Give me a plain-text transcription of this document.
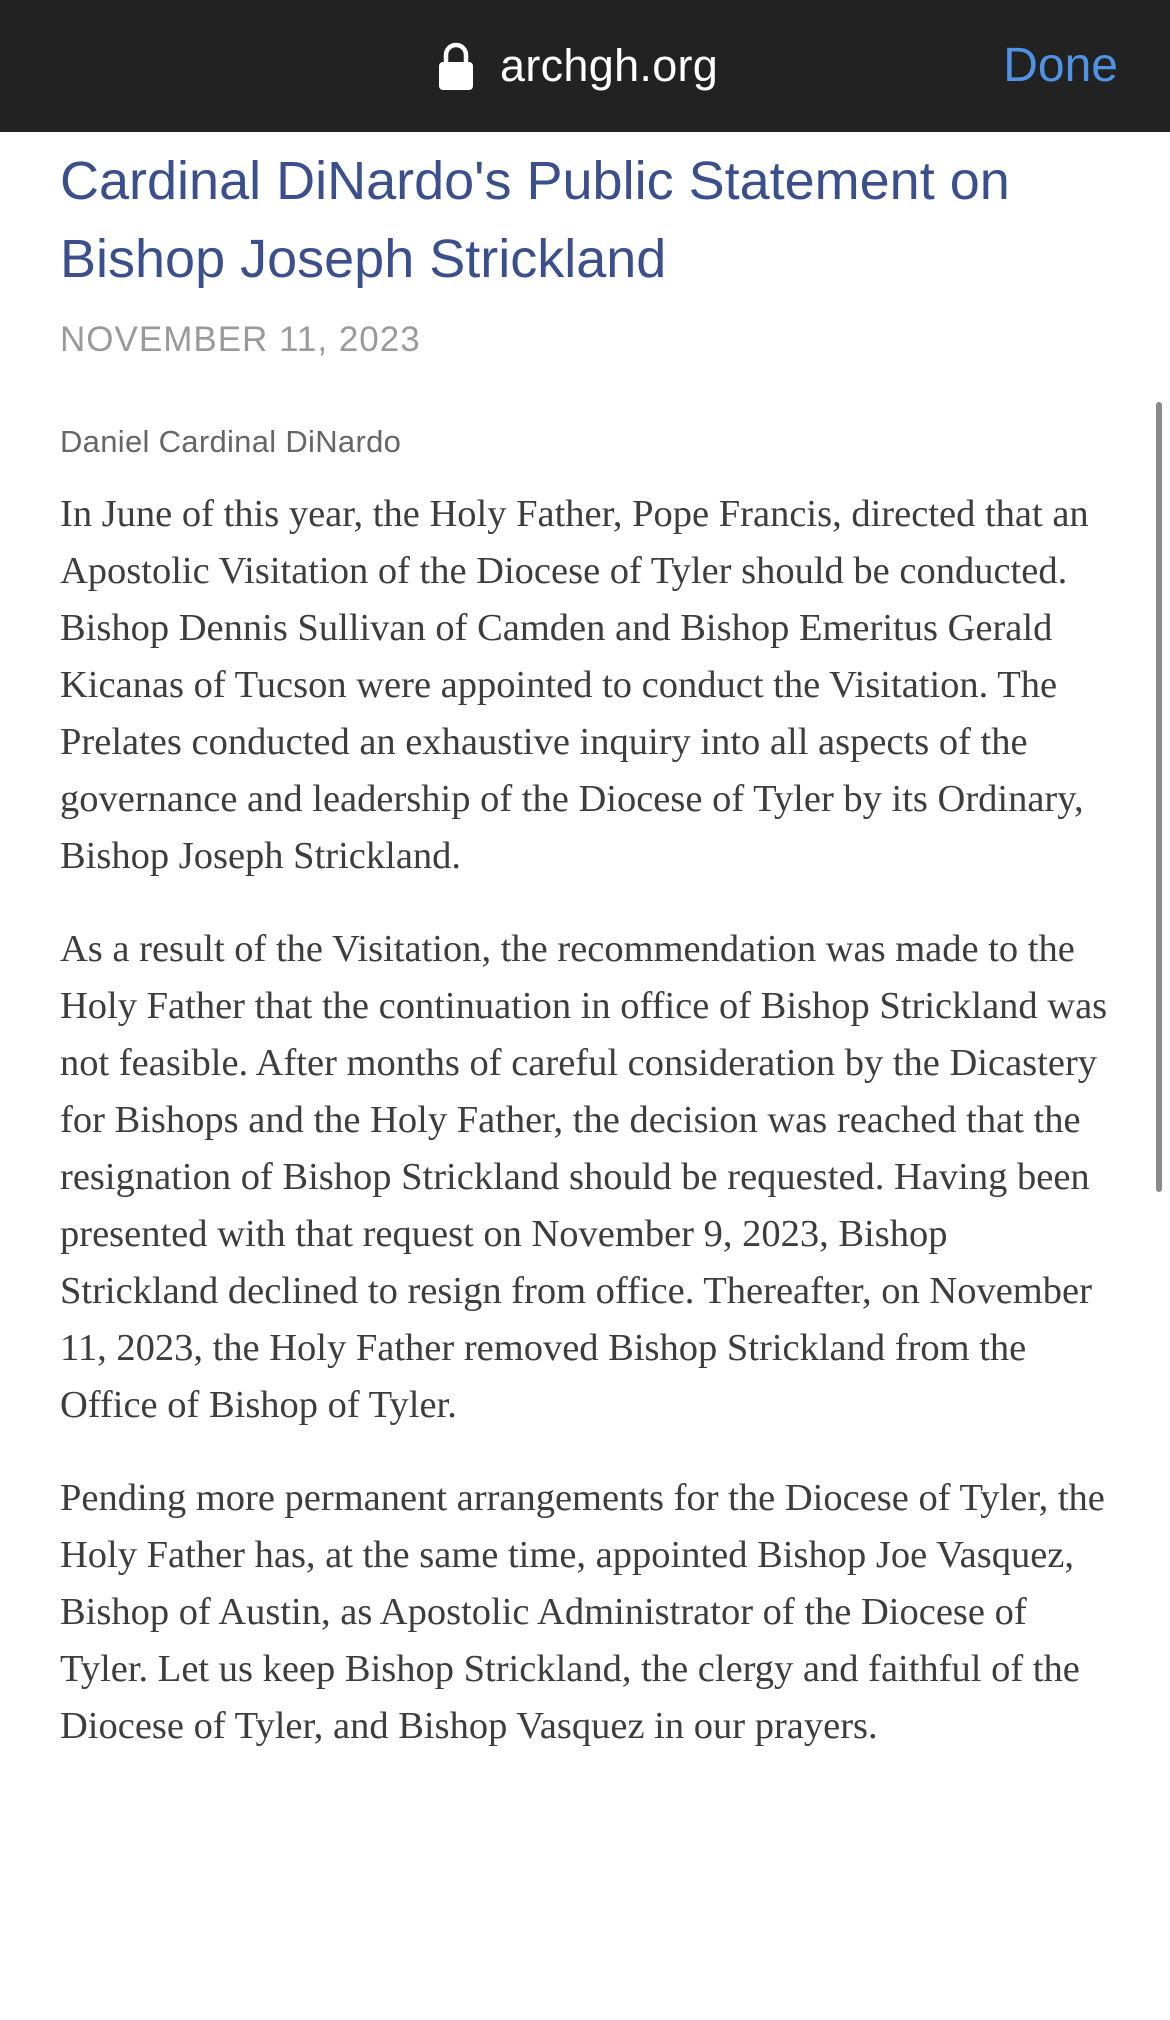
archgh.org	Done
Cardinal DiNardo's Public Statement on Bishop Joseph Strickland
NOVEMBER 11, 2023
Daniel Cardinal DiNardo

In June of this year, the Holy Father, Pope Francis, directed that an Apostolic Visitation of the Diocese of Tyler should be conducted. Bishop Dennis Sullivan of Camden and Bishop Emeritus Gerald Kicanas of Tucson were appointed to conduct the Visitation. The Prelates conducted an exhaustive inquiry into all aspects of the governance and leadership of the Diocese of Tyler by its Ordinary, Bishop Joseph Strickland.

As a result of the Visitation, the recommendation was made to the Holy Father that the continuation in office of Bishop Strickland was not feasible. After months of careful consideration by the Dicastery for Bishops and the Holy Father, the decision was reached that the resignation of Bishop Strickland should be requested. Having been presented with that request on November 9, 2023, Bishop Strickland declined to resign from office. Thereafter, on November 11, 2023, the Holy Father removed Bishop Strickland from the Office of Bishop of Tyler.

Pending more permanent arrangements for the Diocese of Tyler, the Holy Father has, at the same time, appointed Bishop Joe Vasquez, Bishop of Austin, as Apostolic Administrator of the Diocese of Tyler. Let us keep Bishop Strickland, the clergy and faithful of the Diocese of Tyler, and Bishop Vasquez in our prayers.
